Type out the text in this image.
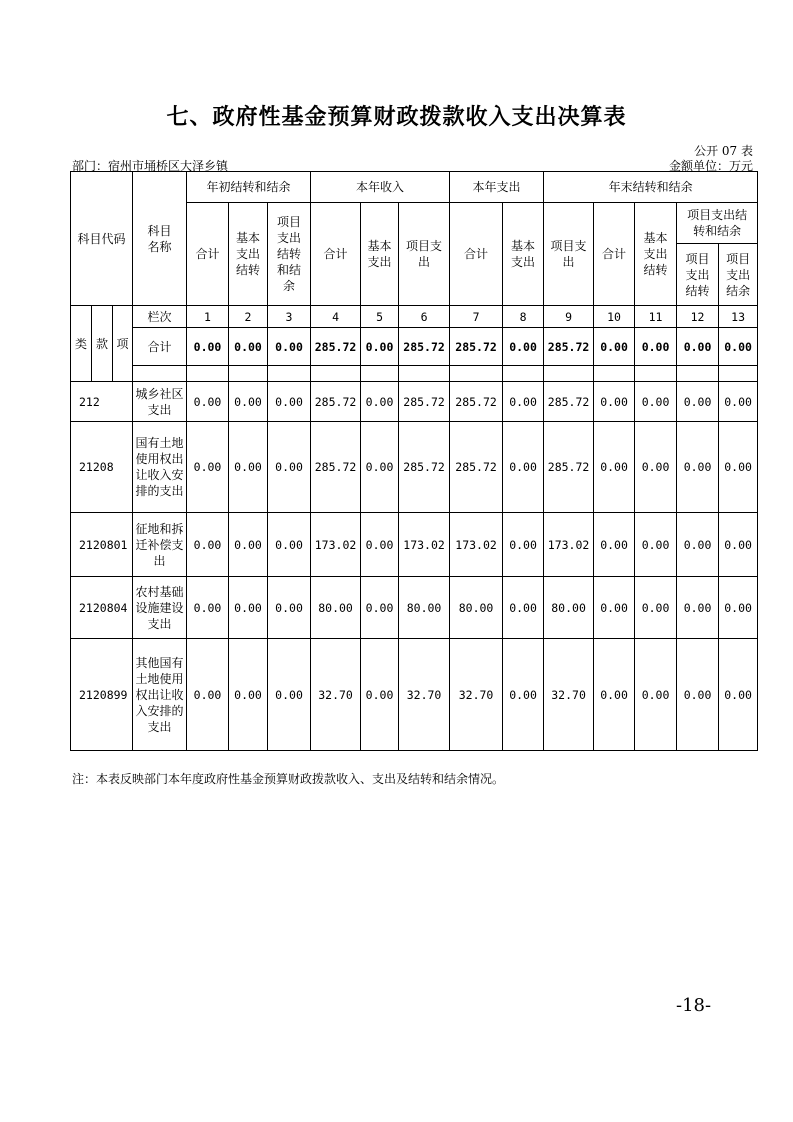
七、政府性基金预算财政拨款收入支出决算表
公开 07 表
部门：宿州市埇桥区大泽乡镇	金额单位：万元
科目代码			科目名称	年初结转和结余			本年收入			本年支出		年末结转和结余				
				合计	基本支出结转	项目支出结转和结余	合计	基本支出	项目支出	合计	基本支出	项目支出	合计	基本支出结转	项目支出结转和结余	
															项目支出结转	项目支出结余
类	款	项	栏次	1	2	3	4	5	6	7	8	9	10	11	12	13
			合计	0.00	0.00	0.00	285.72	0.00	285.72	285.72	0.00	285.72	0.00	0.00	0.00	0.00

212			城乡社区支出	0.00	0.00	0.00	285.72	0.00	285.72	285.72	0.00	285.72	0.00	0.00	0.00	0.00
21208			国有土地使用权出让收入安排的支出	0.00	0.00	0.00	285.72	0.00	285.72	285.72	0.00	285.72	0.00	0.00	0.00	0.00
2120801			征地和拆迁补偿支出	0.00	0.00	0.00	173.02	0.00	173.02	173.02	0.00	173.02	0.00	0.00	0.00	0.00
2120804			农村基础设施建设支出	0.00	0.00	0.00	80.00	0.00	80.00	80.00	0.00	80.00	0.00	0.00	0.00	0.00
2120899			其他国有土地使用权出让收入安排的支出	0.00	0.00	0.00	32.70	0.00	32.70	32.70	0.00	32.70	0.00	0.00	0.00	0.00
注：本表反映部门本年度政府性基金预算财政拨款收入、支出及结转和结余情况。
-18-
